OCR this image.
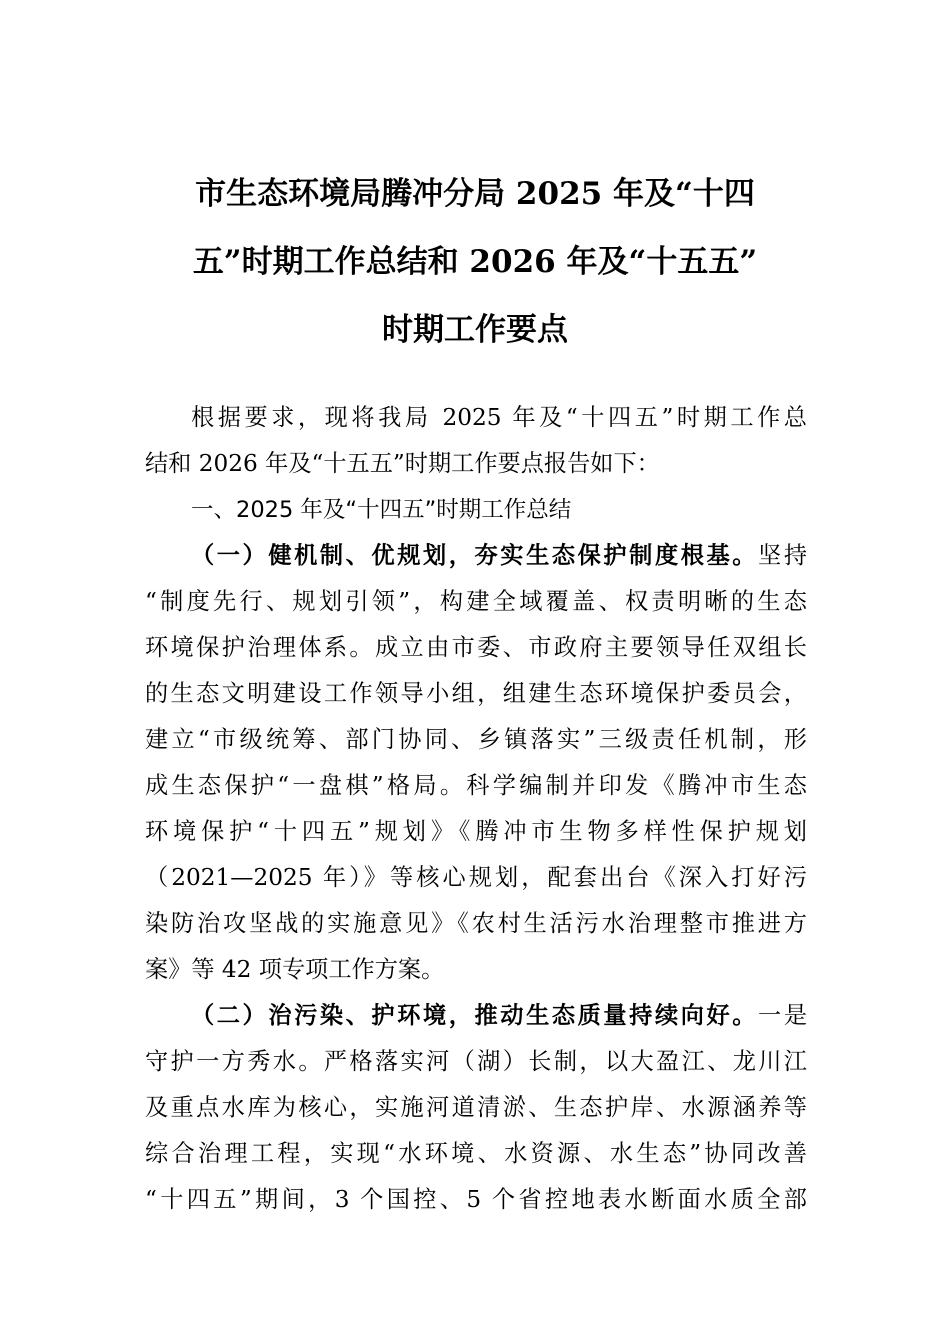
市生态环境局腾冲分局 2025 年及“十四
五”时期工作总结和 2026 年及“十五五”
时期工作要点
根据要求，现将我局 2025 年及“十四五”时期工作总
结和 2026 年及“十五五”时期工作要点报告如下：
一、2025 年及“十四五”时期工作总结
（一）健机制、优规划，夯实生态保护制度根基。坚持
“制度先行、规划引领”，构建全域覆盖、权责明晰的生态
环境保护治理体系。成立由市委、市政府主要领导任双组长
的生态文明建设工作领导小组，组建生态环境保护委员会，
建立“市级统筹、部门协同、乡镇落实”三级责任机制，形
成生态保护“一盘棋”格局。科学编制并印发《腾冲市生态
环境保护“十四五”规划》《腾冲市生物多样性保护规划
（2021—2025 年）》等核心规划，配套出台《深入打好污
染防治攻坚战的实施意见》《农村生活污水治理整市推进方
案》等 42 项专项工作方案。
（二）治污染、护环境，推动生态质量持续向好。一是
守护一方秀水。严格落实河（湖）长制，以大盈江、龙川江
及重点水库为核心，实施河道清淤、生态护岸、水源涵养等
综合治理工程，实现“水环境、水资源、水生态”协同改善
“十四五”期间，3 个国控、5 个省控地表水断面水质全部
